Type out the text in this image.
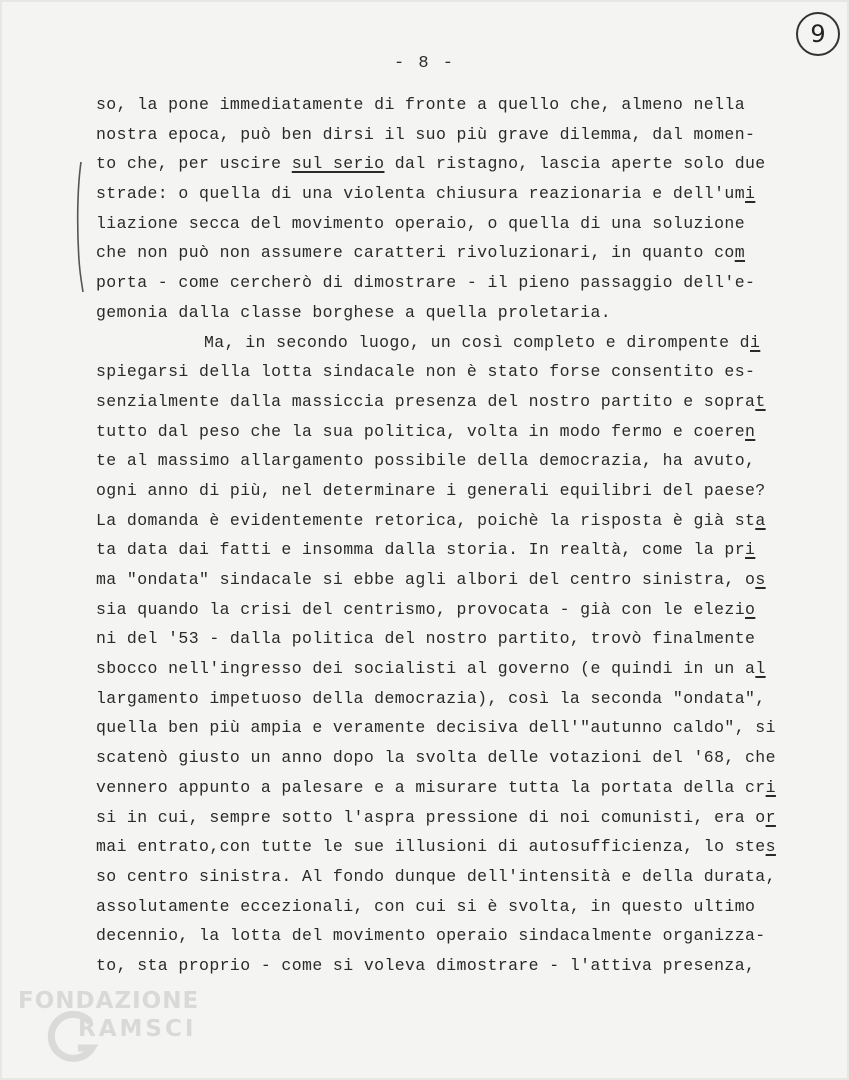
- 8 -
9
so, la pone immediatamente di fronte a quello che, almeno nella
nostra epoca, può ben dirsi il suo più grave dilemma, dal momen-
to che, per uscire sul serio dal ristagno, lascia aperte solo due
strade: o quella di una violenta chiusura reazionaria e dell'umi
liazione secca del movimento operaio, o quella di una soluzione
che non può non assumere caratteri rivoluzionari, in quanto com
porta - come cercherò di dimostrare - il pieno passaggio dell'e-
gemonia dalla classe borghese a quella proletaria.
Ma, in secondo luogo, un così completo e dirompente di
spiegarsi della lotta sindacale non è stato forse consentito es-
senzialmente dalla massiccia presenza del nostro partito e soprat
tutto dal peso che la sua politica, volta in modo fermo e coeren
te al massimo allargamento possibile della democrazia, ha avuto,
ogni anno di più, nel determinare i generali equilibri del paese?
La domanda è evidentemente retorica, poichè la risposta è già sta
ta data dai fatti e insomma dalla storia. In realtà, come la pri
ma "ondata" sindacale si ebbe agli albori del centro sinistra, os
sia quando la crisi del centrismo, provocata - già con le elezio
ni del '53 - dalla politica del nostro partito, trovò finalmente
sbocco nell'ingresso dei socialisti al governo (e quindi in un al
largamento impetuoso della democrazia), così la seconda "ondata",
quella ben più ampia e veramente decisiva dell'"autunno caldo", si
scatenò giusto un anno dopo la svolta delle votazioni del '68, che
vennero appunto a palesare e a misurare tutta la portata della cri
si in cui, sempre sotto l'aspra pressione di noi comunisti, era or
mai entrato,con tutte le sue illusioni di autosufficienza, lo stes
so centro sinistra. Al fondo dunque dell'intensità e della durata,
assolutamente eccezionali, con cui si è svolta, in questo ultimo
decennio, la lotta del movimento operaio sindacalmente organizza-
to, sta proprio - come si voleva dimostrare - l'attiva presenza,
FONDAZIONE
RAMSCI
